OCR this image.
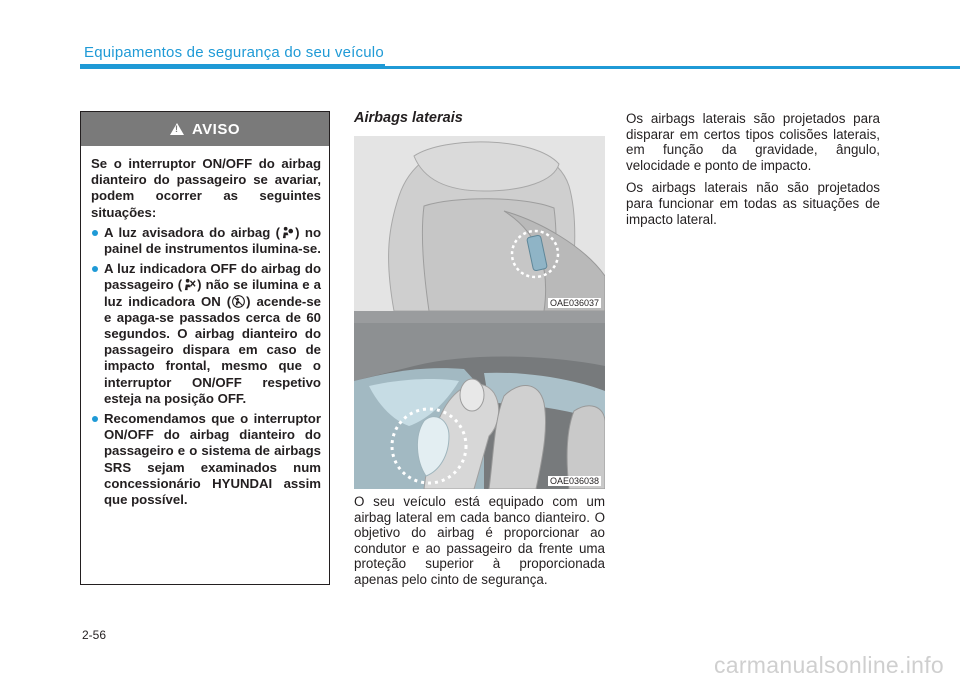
Equipamentos de segurança do seu veículo
!
AVISO

Se o interruptor ON/OFF do airbag dianteiro do passageiro se avariar, podem ocorrer as seguintes situações:

A luz avisadora do airbag ( ) no painel de instrumentos ilumina-se.
A luz indicadora OFF do airbag do passageiro ( ) não se ilumina e a luz indicadora ON ( ) acende-se e apaga-se passados cerca de 60 segundos. O airbag dianteiro do passageiro dispara em caso de impacto frontal, mesmo que o interruptor ON/OFF respetivo esteja na posição OFF.
Recomendamos que o interruptor ON/OFF do airbag dianteiro do passageiro e o sistema de airbags SRS sejam examinados num concessionário HYUNDAI assim que possível.
Airbags laterais
OAE036037
OAE036038

O seu veículo está equipado com um airbag lateral em cada banco dianteiro. O objetivo do airbag é proporcionar ao condutor e ao passageiro da frente uma proteção superior à proporcionada apenas pelo cinto de segurança.

Os airbags laterais são projetados para disparar em certos tipos colisões laterais, em função da gravidade, ângulo, velocidade e ponto de impacto.

Os airbags laterais não são projetados para funcionar em todas as situações de impacto lateral.

2-56
carmanualsonline.info
